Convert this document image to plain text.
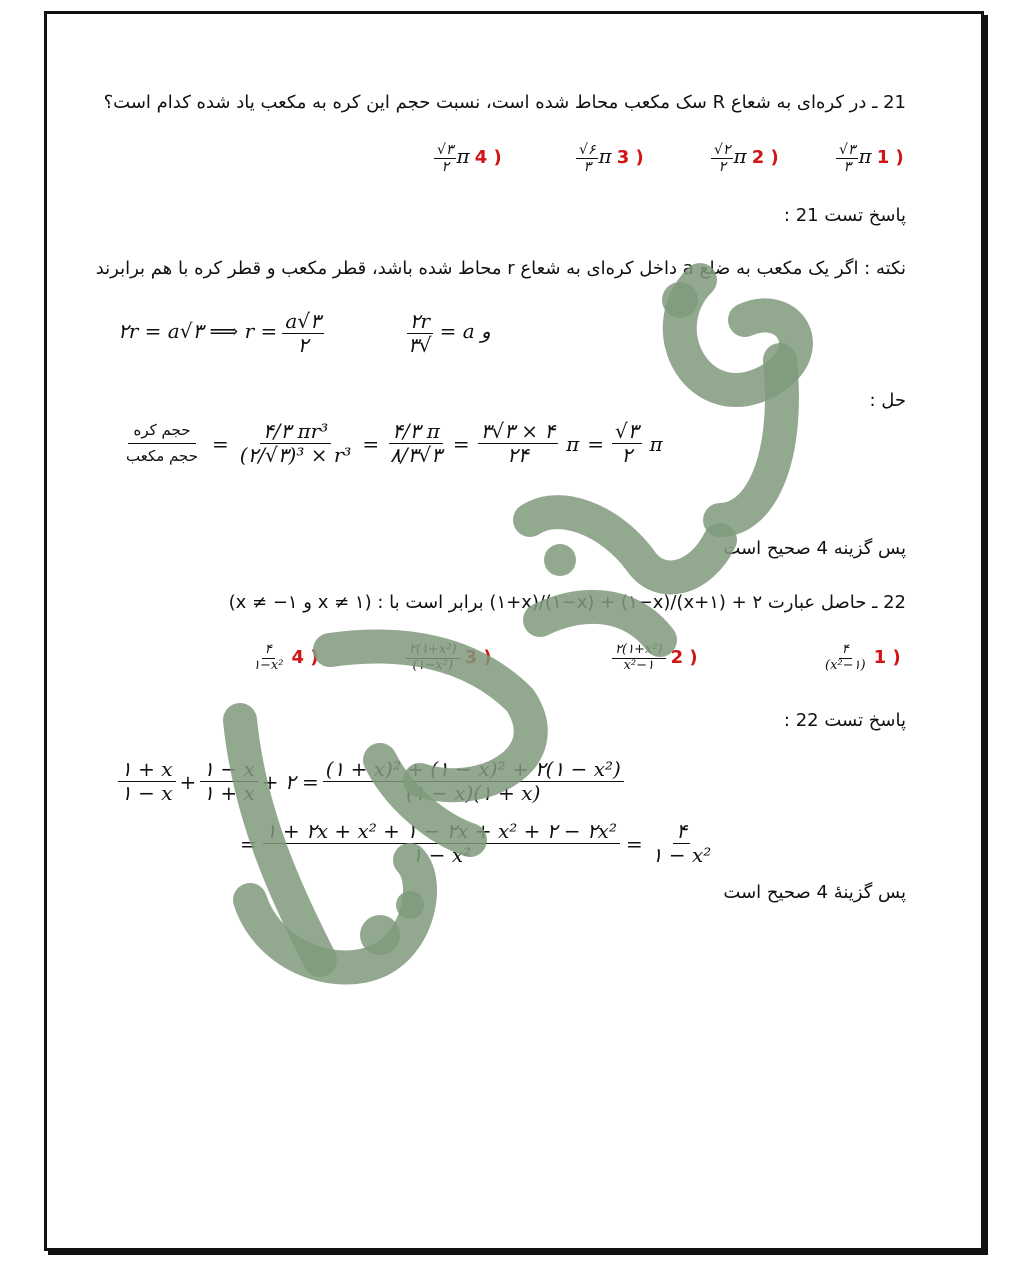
21 ـ در کره‌ای به شعاع R سک مکعب محاط شده است، نسبت حجم این کره به مکعب یاد شده کدام است؟
$\frac{√۳}{۳}$ π 1 )
$\frac{√۲}{۲}$ π 2 )
$\frac{√۶}{۳}$ π 3 )
$\frac{√۳}{۲}$ π 4 )
پاسخ تست 21 :
نکته : اگر یک مکعب به ضلع a داخل کره‌ای به شعاع r محاط شده باشد، قطر مکعب و قطر کره با هم برابرند
۲r = a√۳ ⟹ $r = \frac{a√۳}{۲}$	و a =
$\frac{۲r}{√۳}$
حل :
$\frac{\text{حجم کره}}{\text{حجم مکعب}} = \frac{\text{۴/۳ πr³}}{\text{(۲/√۳)³ × r³}} = \frac{۴/۳ \pi}{۸/۳√۳} = \frac{۳√۳ \times ۴}{۲۴}$ $\pi = \frac{√۳}{۲}$ π
پس گزینه 4 صحیح است
22 ـ حاصل عبارت ۲ + (۱+x)/(۱−x) + (۱−x)/(۱+x) برابر است با : (۱ ≠ x و ۱− ≠ x)
$\frac{۴}{\text{(x²−۱)}} 1$ )
$\frac{\text{۲(۱+x²)}}{\text{x²−۱}} 2$ )
$\frac{\text{۲(۱+x²)}}{\text{(۱−x²)}} 3$ )
$\frac{۴}{\text{۱−x²}} 4$ )
پاسخ تست 22 :
$\frac{۱ + x}{۱ - x} + \frac{۱ - x}{۱ + x}$ + ۲ = $\frac{\text{(۱ + x)² + (۱ − x)² + ۲(۱ − x²)}}{(۱ - x)(۱ + x)}$
= $\frac{\text{۱ + ۲x + x² + ۱ − ۲x + x² + ۲ − ۲x²}}{\text{۱ − x²}} = \frac{۴}{\text{۱ − x²}}$
پس گزینهٔ 4 صحیح است
